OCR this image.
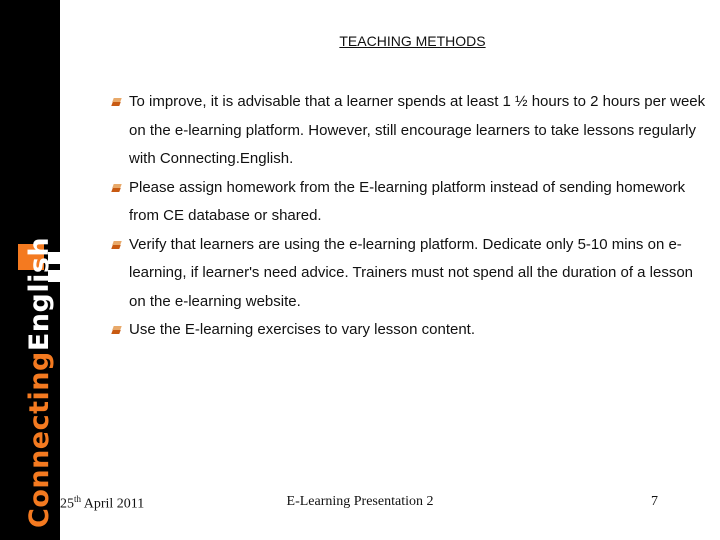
ConnectingEnglish
TEACHING METHODS
To improve, it is advisable that a learner spends at least 1 ½ hours to 2 hours per week on the e-learning platform. However, still encourage learners to take lessons regularly with Connecting.English.
Please assign homework from the E-learning platform instead of sending homework from CE database or shared.
Verify that learners are using the e-learning platform. Dedicate only 5-10 mins on e-learning, if learner's need advice. Trainers must not spend all the duration of a lesson on the e-learning website.
Use the E-learning exercises to vary lesson content.
25th April 2011	E-Learning Presentation 2	7
